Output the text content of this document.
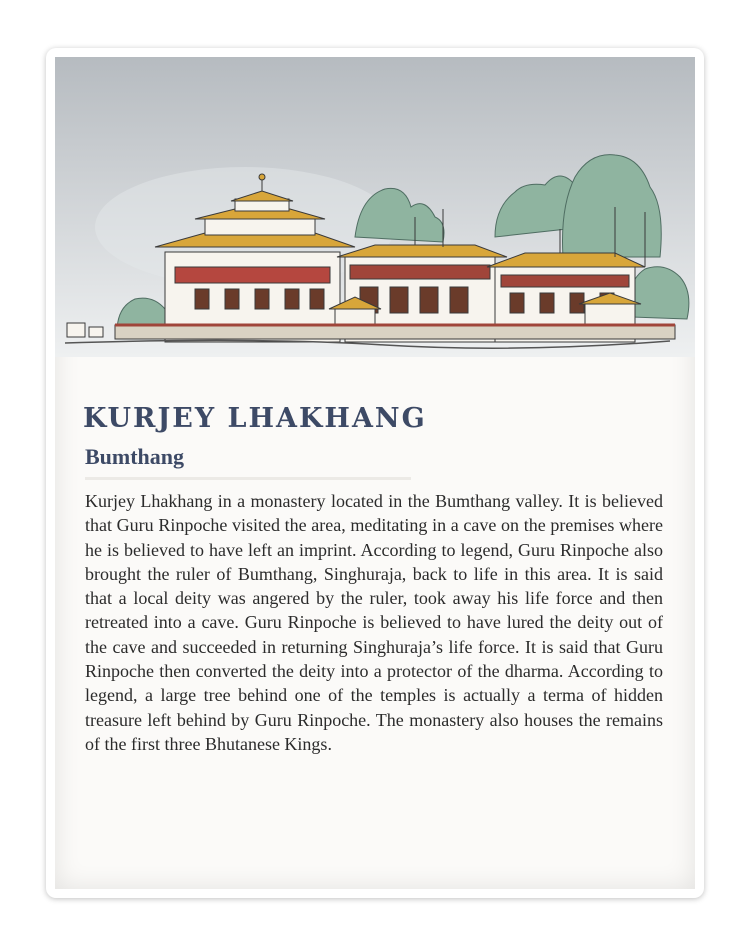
KURJEY LHAKHANG
Bumthang

Kurjey Lhakhang in a monastery located in the Bumthang valley. It is believed that Guru Rinpoche visited the area, meditating in a cave on the premises where he is believed to have left an imprint. According to legend, Guru Rinpoche also brought the ruler of Bumthang, Singhuraja, back to life in this area. It is said that a local deity was angered by the ruler, took away his life force and then retreated into a cave. Guru Rinpoche is believed to have lured the deity out of the cave and succeeded in returning Singhuraja’s life force. It is said that Guru Rinpoche then converted the deity into a protector of the dharma. According to legend, a large tree behind one of the temples is actually a terma of hidden treasure left behind by Guru Rinpoche. The monastery also houses the remains of the first three Bhutanese Kings.
